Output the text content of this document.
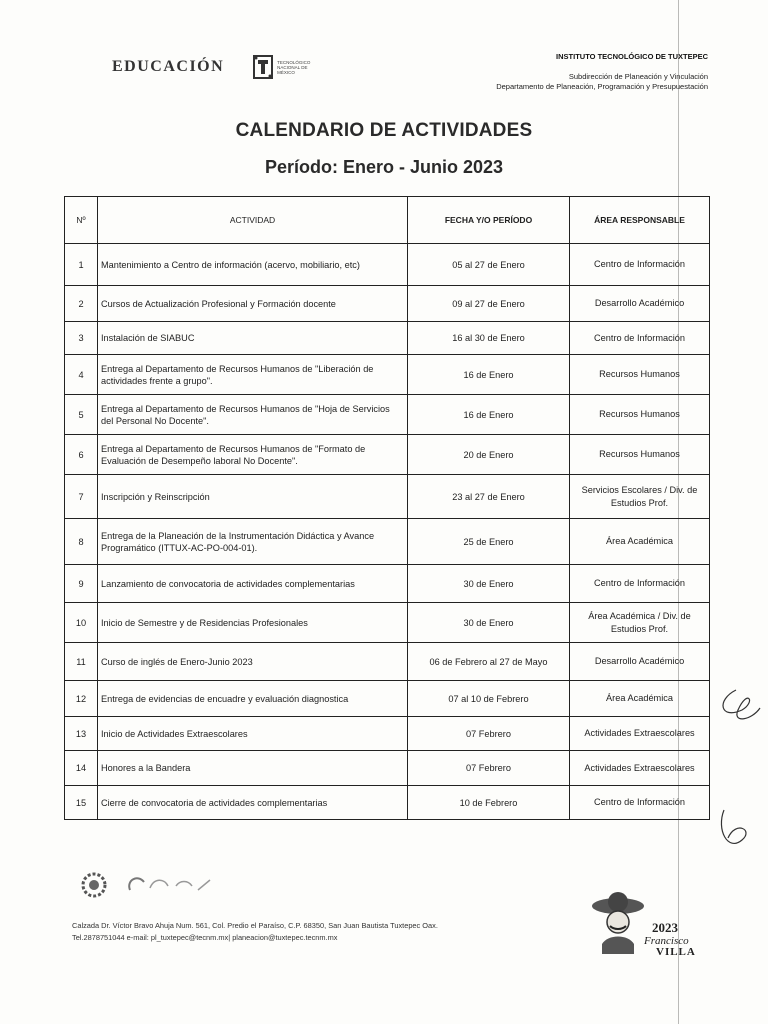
EDUCACIÓN	TECNOLÓGICO NACIONAL DE MÉXICO
INSTITUTO TECNOLÓGICO DE TUXTEPEC
Subdirección de Planeación y Vinculación
Departamento de Planeación, Programación y Presupuestación
CALENDARIO DE ACTIVIDADES
Período: Enero - Junio 2023
Nº	ACTIVIDAD	FECHA Y/O PERÍODO	ÁREA RESPONSABLE
1	Mantenimiento a Centro de información (acervo, mobiliario, etc)	05 al 27 de Enero	Centro de Información
2	Cursos de Actualización Profesional y Formación docente	09 al 27 de Enero	Desarrollo Académico
3	Instalación de SIABUC	16 al 30 de Enero	Centro de Información
4	Entrega al Departamento de Recursos Humanos de "Liberación de actividades frente a grupo".	16 de Enero	Recursos Humanos
5	Entrega al Departamento de Recursos Humanos de "Hoja de Servicios del Personal No Docente".	16 de Enero	Recursos Humanos
6	Entrega al Departamento de Recursos Humanos de "Formato de Evaluación de Desempeño laboral No Docente".	20 de Enero	Recursos Humanos
7	Inscripción y Reinscripción	23 al 27 de Enero	Servicios Escolares / Div. de Estudios Prof.
8	Entrega de la Planeación de la Instrumentación Didáctica y Avance Programático (ITTUX-AC-PO-004-01).	25 de Enero	Área Académica
9	Lanzamiento de convocatoria de actividades complementarias	30 de Enero	Centro de Información
10	Inicio de Semestre y de Residencias Profesionales	30 de Enero	Área Académica / Div. de Estudios Prof.
11	Curso de inglés de Enero-Junio 2023	06 de Febrero al 27 de Mayo	Desarrollo Académico
12	Entrega de evidencias de encuadre y evaluación diagnostica	07 al 10 de Febrero	Área Académica
13	Inicio de Actividades Extraescolares	07 Febrero	Actividades Extraescolares
14	Honores a la Bandera	07 Febrero	Actividades Extraescolares
15	Cierre de convocatoria de actividades complementarias	10 de Febrero	Centro de Información
Calzada Dr. Víctor Bravo Ahuja Num. 561, Col. Predio el Paraíso, C.P. 68350, San Juan Bautista Tuxtepec Oax.
Tel.2878751044 e-mail: pl_tuxtepec@tecnm.mx| planeacion@tuxtepec.tecnm.mx
2023
Francisco
VILLA
